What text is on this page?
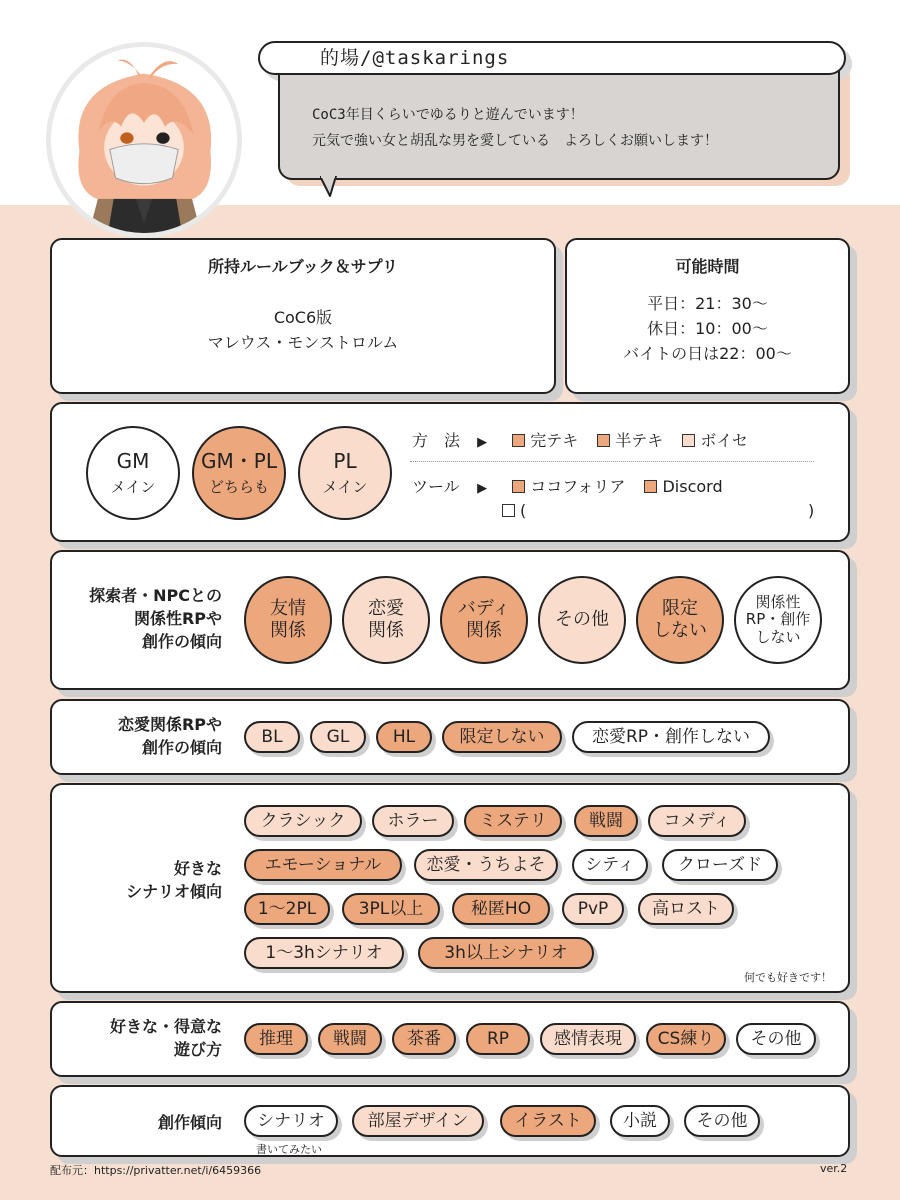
CoC3年目くらいでゆるりと遊んでいます！
元気で強い女と胡乱な男を愛している　よろしくお願いします！
的場/@taskarings
所持ルールブック＆サプリ
CoC6版
マレウス・モンストロルム
可能時間
平日：21：30～
休日：10：00～
バイトの日は22：00～
GM
メイン
GM・PL
どちらも
PL
メイン
方　法 ▶	完テキ 半テキ ボイセ
ツール ▶	ココフォリア Discord
(	)
探索者・NPCとの
関係性RPや
創作の傾向
友情
関係
恋愛
関係
バディ
関係
その他
限定
しない
関係性
RP・創作
しない
恋愛関係RPや
創作の傾向
BL	GL	HL	限定しない	恋愛RP・創作しない
好きな
シナリオ傾向
クラシック	ホラー	ミステリ	戦闘	コメディ
エモーショナル	恋愛・うちよそ	シティ	クローズド
1～2PL	3PL以上	秘匿HO	PvP	高ロスト
1～3hシナリオ	3h以上シナリオ
何でも好きです！
好きな・得意な
遊び方
推理	戦闘	茶番	RP	感情表現	CS練り	その他
創作傾向	シナリオ	部屋デザイン	イラスト	小説	その他
書いてみたい
配布元：https://privatter.net/i/6459366	ver.2
